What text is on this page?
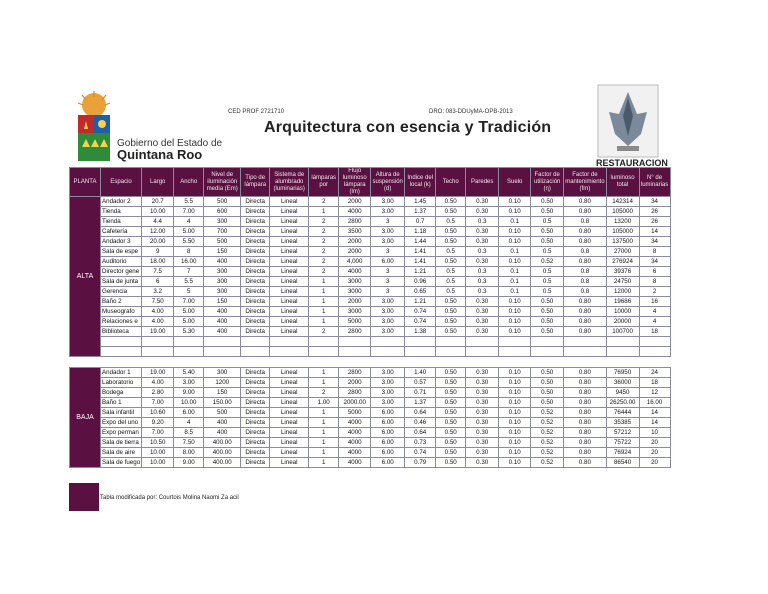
Gobierno del Estado de
Quintana Roo
CED PROF 2721710	DRO: 083-DDUyMA-OPB-2013
Arquitectura con esencia y Tradición
RESTAURACION
PLANTA	Espacio	Largo	Ancho	Nivel de iluminación media (Em)	Tipo de lámpara	Sistema de alumbrado (luminarias)	lámparas por	Flujo luminoso lámpara (lm)	Altura de suspensión (d)	Indice del local (k)	Techo	Paredes	Suelo	Factor de utilización (η)	Factor de mantenimiento (fm)	luminoso total	N° de luminarias
ALTA	Andador 2	20.7	5.5	500	Directa	Lineal	2	2000	3.00	1.45	0.50	0.30	0.10	0.50	0.80	142314	34
	Tienda	10.00	7.00	600	Directa	Lineal	1	4000	3.00	1.37	0.50	0.30	0.10	0.50	0.80	105000	26
	Tienda	4.4	4	300	Directa	Lineal	2	2800	3	0.7	0.5	0.3	0.1	0.5	0.8	13200	26
	Cafetería	12.00	5.00	700	Directa	Lineal	2	3500	3.00	1.18	0.50	0.30	0.10	0.50	0.80	105000	14
	Andador 3	20.00	5.50	500	Directa	Lineal	2	2000	3.00	1.44	0.50	0.30	0.10	0.50	0.80	137500	34
	Sala de espe	9	8	150	Directa	Lineal	2	2000	3	1.41	0.5	0.3	0.1	0.5	0.8	27000	8
	Auditorio	18.00	16.00	400	Directa	Lineal	2	4,000	6.00	1.41	0.50	0.30	0.10	0.52	0.80	276924	34
	Director gene	7.5	7	300	Directa	Lineal	2	4000	3	1.21	0.5	0.3	0.1	0.5	0.8	39376	6
	Sala de junta	6	5.5	300	Directa	Lineal	1	3000	3	0.96	0.5	0.3	0.1	0.5	0.8	24750	8
	Gerencia	3.2	5	300	Directa	Lineal	1	3000	3	0.65	0.5	0.3	0.1	0.5	0.8	12000	2
	Baño 2	7.50	7.00	150	Directa	Lineal	1	2000	3.00	1.21	0.50	0.30	0.10	0.50	0.80	19686	16
	Museografo	4.00	5.00	400	Directa	Lineal	1	3000	3.00	0.74	0.50	0.30	0.10	0.50	0.80	10000	4
	Relaciones e	4.00	5.00	400	Directa	Lineal	1	5000	3.00	0.74	0.50	0.30	0.10	0.50	0.80	20000	4
	Biblioteca	19.00	5.30	400	Directa	Lineal	2	2800	3.00	1.38	0.50	0.30	0.10	0.50	0.80	100700	18

BAJA	Andador 1	19.00	5.40	300	Directa	Lineal	1	2800	3.00	1.40	0.50	0.30	0.10	0.50	0.80	76950	24
	Laboratorio	4.00	3.00	1200	Directa	Lineal	1	2000	3.00	0.57	0.50	0.30	0.10	0.50	0.80	36000	18
	Bodega	2.80	9.00	150	Directa	Lineal	2	2800	3.00	0.71	0.50	0.30	0.10	0.50	0.80	9450	12
	Baño 1	7.00	10.00	150.00	Directa	Lineal	1.00	2000.00	3.00	1.37	0.50	0.30	0.10	0.50	0.80	26250.00	16.00
	Sala infantil	10.60	6.00	500	Directa	Lineal	1	5000	6.00	0.64	0.50	0.30	0.10	0.52	0.80	76444	14
	Expo del uno	9.20	4	400	Directa	Lineal	1	4000	6.00	0.46	0.50	0.30	0.10	0.52	0.80	35385	14
	Expo perman	7.00	8.5	400	Directa	Lineal	1	4000	6.00	0.64	0.50	0.30	0.10	0.52	0.80	57212	10
	Sala de tierra	10.50	7.50	400.00	Directa	Lineal	1	4000	6.00	0.73	0.50	0.30	0.10	0.52	0.80	75722	20
	Sala de aire	10.00	8.00	400.00	Directa	Lineal	1	4000	6.00	0.74	0.50	0.30	0.10	0.52	0.80	76924	20
	Sala de fuego	10.00	9.00	400.00	Directa	Lineal	1	4000	6.00	0.79	0.50	0.30	0.10	0.52	0.80	86540	20
Tabla modificada por: Courtois Molina Naomi Za acil
